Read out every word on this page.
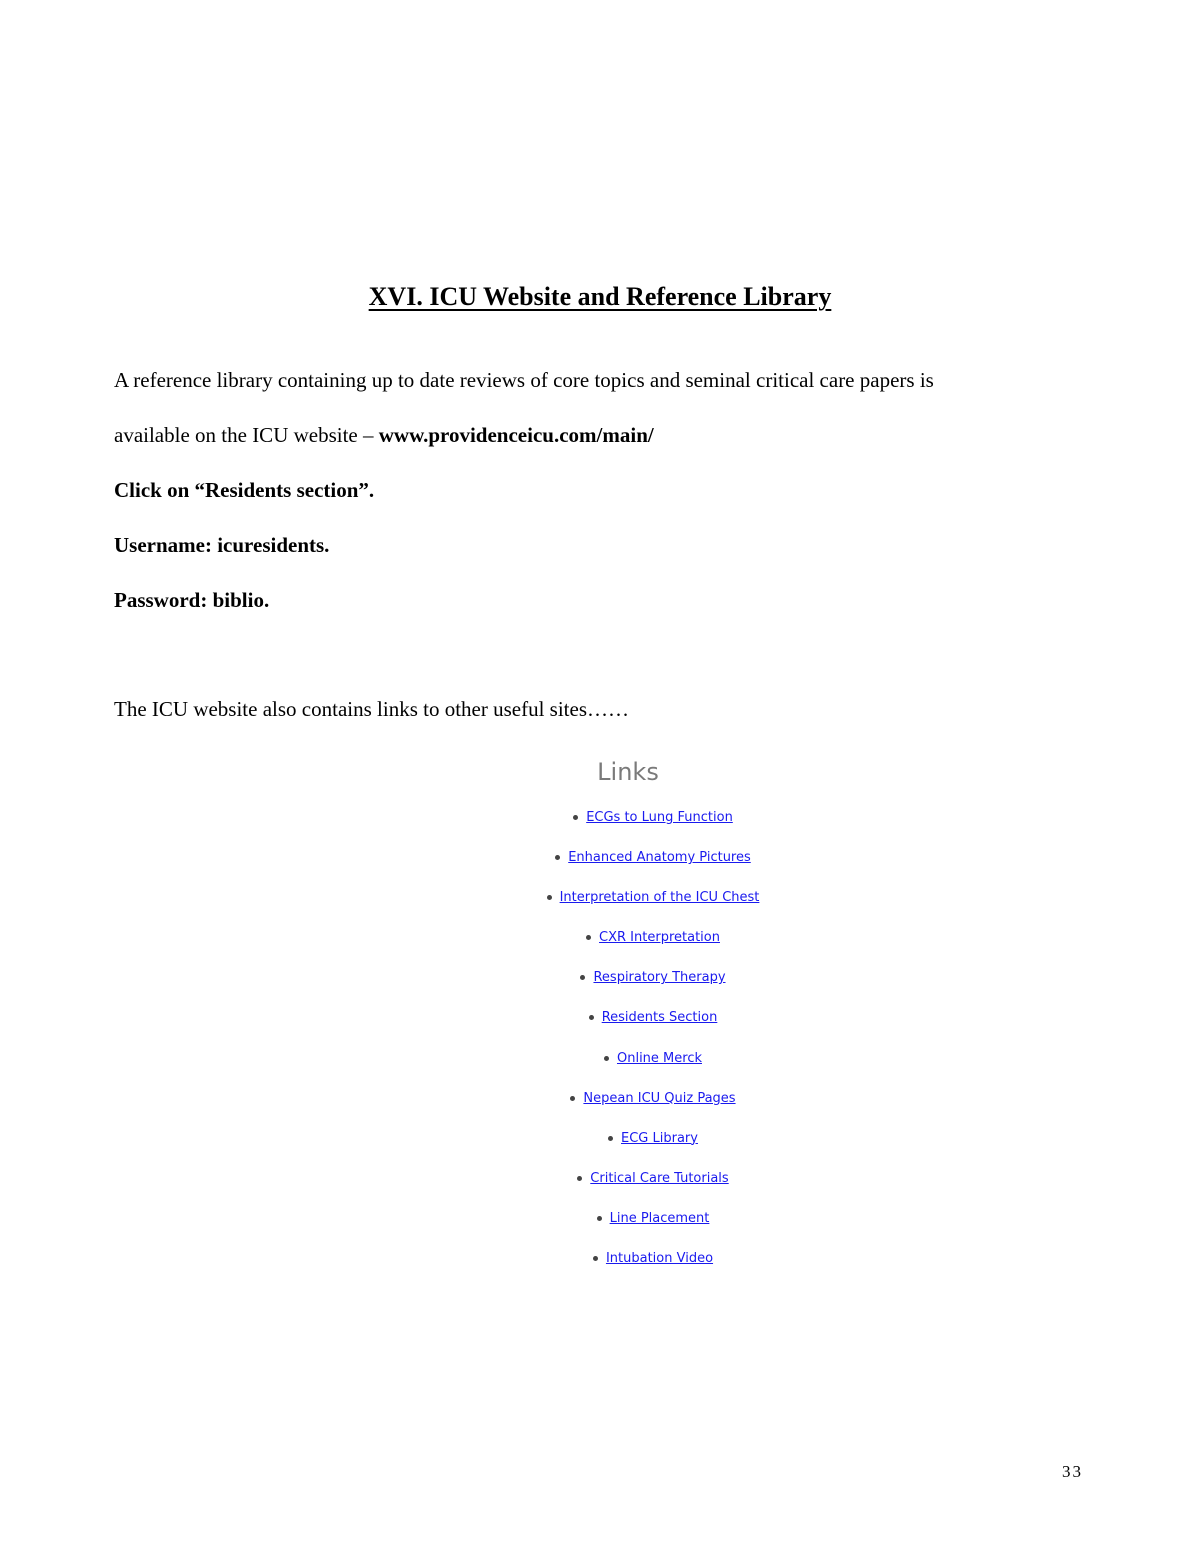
XVI. ICU Website and Reference Library

A reference library containing up to date reviews of core topics and seminal critical care papers is

available on the ICU website – www.providenceicu.com/main/

Click on “Residents section”.

Username: icuresidents.

Password: biblio.

The ICU website also contains links to other useful sites……

Links
ECGs to Lung Function
Enhanced Anatomy Pictures
Interpretation of the ICU Chest
CXR Interpretation
Respiratory Therapy
Residents Section
Online Merck
Nepean ICU Quiz Pages
ECG Library
Critical Care Tutorials
Line Placement
Intubation Video

33
